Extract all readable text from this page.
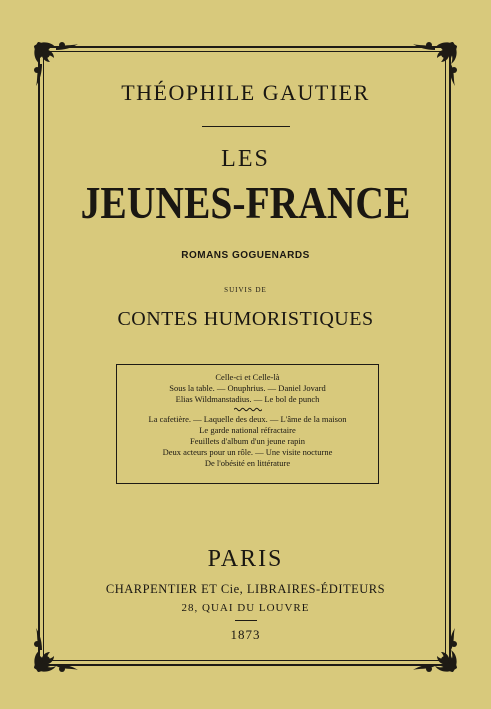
THÉOPHILE GAUTIER
LES
JEUNES-FRANCE
ROMANS GOGUENARDS
SUIVIS DE
CONTES HUMORISTIQUES
Celle-ci et Celle-là
Sous la table. — Onuphrius. — Daniel Jovard
Elias Wildmanstadius. — Le bol de punch
La cafetière. — Laquelle des deux. — L'âme de la maison
Le garde national réfractaire
Feuillets d'album d'un jeune rapin
Deux acteurs pour un rôle. — Une visite nocturne
De l'obésité en littérature
PARIS
CHARPENTIER ET Cie, LIBRAIRES-ÉDITEURS
28, QUAI DU LOUVRE
1873
